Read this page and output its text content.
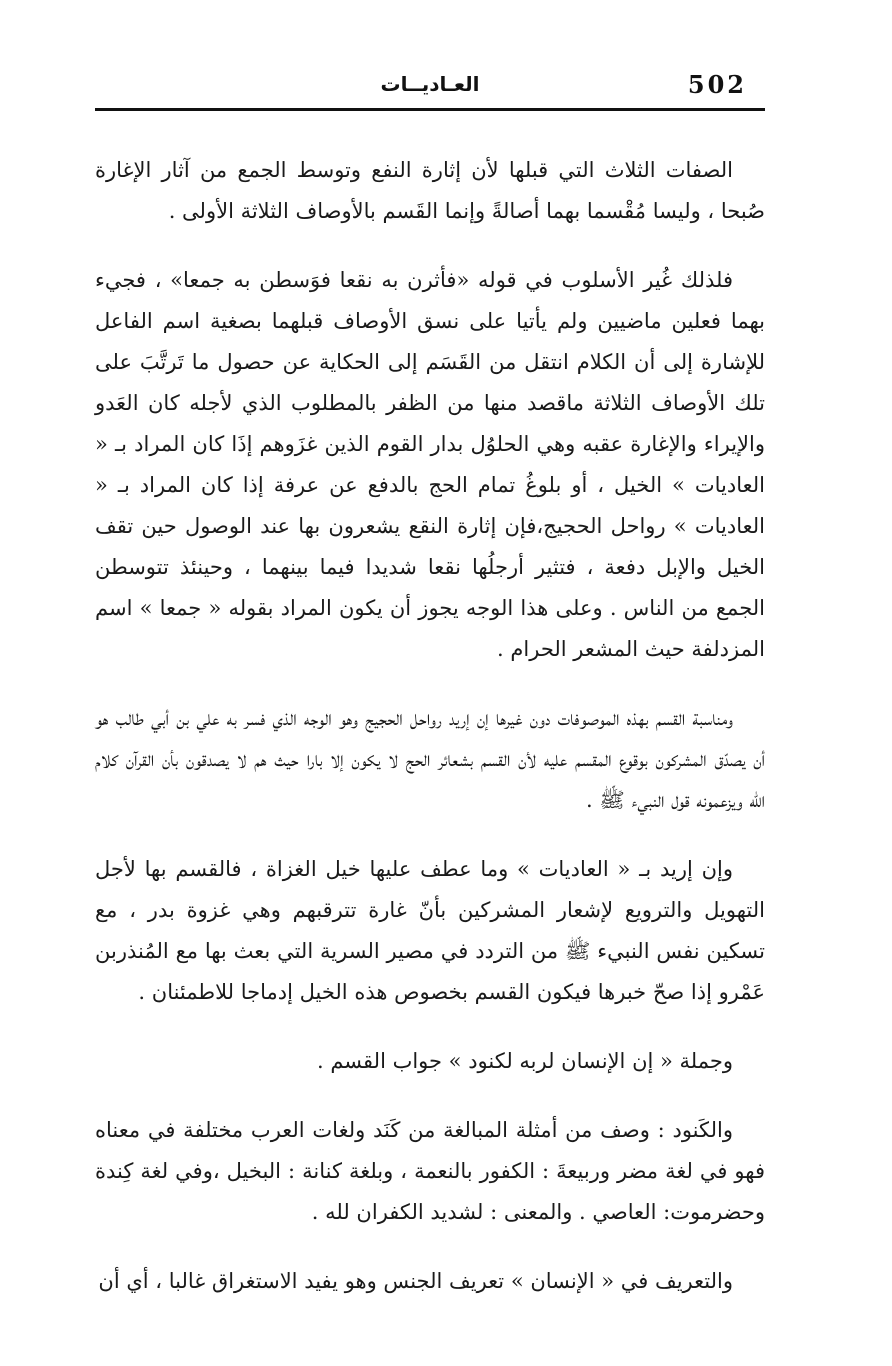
502
العـاديــات

الصفات الثلاث التي قبلها لأن إثارة النفع وتوسط الجمع من آثار الإغارة صُبحا ، وليسا مُقْسما بهما أصالةً وإنما القَسم بالأوصاف الثلاثة الأولى .

فلذلك غُير الأسلوب في قوله «فأثرن به نقعا فوَسطن به جمعا» ، فجيء بهما فعلين ماضيين ولم يأتيا على نسق الأوصاف قبلهما بصغية اسم الفاعل للإشارة إلى أن الكلام انتقل من القَسَم إلى الحكاية عن حصول ما تَرتَّبَ على تلك الأوصاف الثلاثة ماقصد منها من الظفر بالمطلوب الذي لأجله كان العَدو والإيراء والإغارة عقبه وهي الحلوُل بدار القوم الذين غزَوهم إذَا كان المراد بـ « العاديات » الخيل ، أو بلوغُ تمام الحج بالدفع عن عرفة إذا كان المراد بـ « العاديات » رواحل الحجيج،فإن إثارة النقع يشعرون بها عند الوصول حين تقف الخيل والإبل دفعة ، فتثير أرجلُها نقعا شديدا فيما بينهما ، وحينئذ تتوسطن الجمع من الناس . وعلى هذا الوجه يجوز أن يكون المراد بقوله « جمعا » اسم المزدلفة حيث المشعر الحرام .

ومناسبة القسم بهذه الموصوفات دون غيرها إن إريد رواحل الحجيج وهو الوجه الذي فسر به علي بن أبي طالب هو أن يصدّق المشركون بوقوع المقسم عليه لأن القسم بشعائر الحج لا يكون إلا بارا حيث هم لا يصدقون بأن القرآن كلام الله ويزعمونه قول النبيء ﷺ .

وإن إريد بـ « العاديات » وما عطف عليها خيل الغزاة ، فالقسم بها لأجل التهويل والترويع لإشعار المشركين بأنّ غارة تترقبهم وهي غزوة بدر ، مع تسكين نفس النبيء ﷺ من التردد في مصير السرية التي بعث بها مع المُنذربن عَمْرو إذا صحّ خبرها فيكون القسم بخصوص هذه الخيل إدماجا للاطمئنان .

وجملة « إن الإنسان لربه لكنود » جواب القسم .

والكَنود : وصف من أمثلة المبالغة من كَنَد ولغات العرب مختلفة في معناه فهو في لغة مضر وربيعةَ : الكفور بالنعمة ، وبلغة كنانة : البخيل ،وفي لغة كِندة وحضرموت: العاصي . والمعنى : لشديد الكفران لله .

والتعريف في « الإنسان » تعريف الجنس وهو يفيد الاستغراق غالبا ، أي أن
